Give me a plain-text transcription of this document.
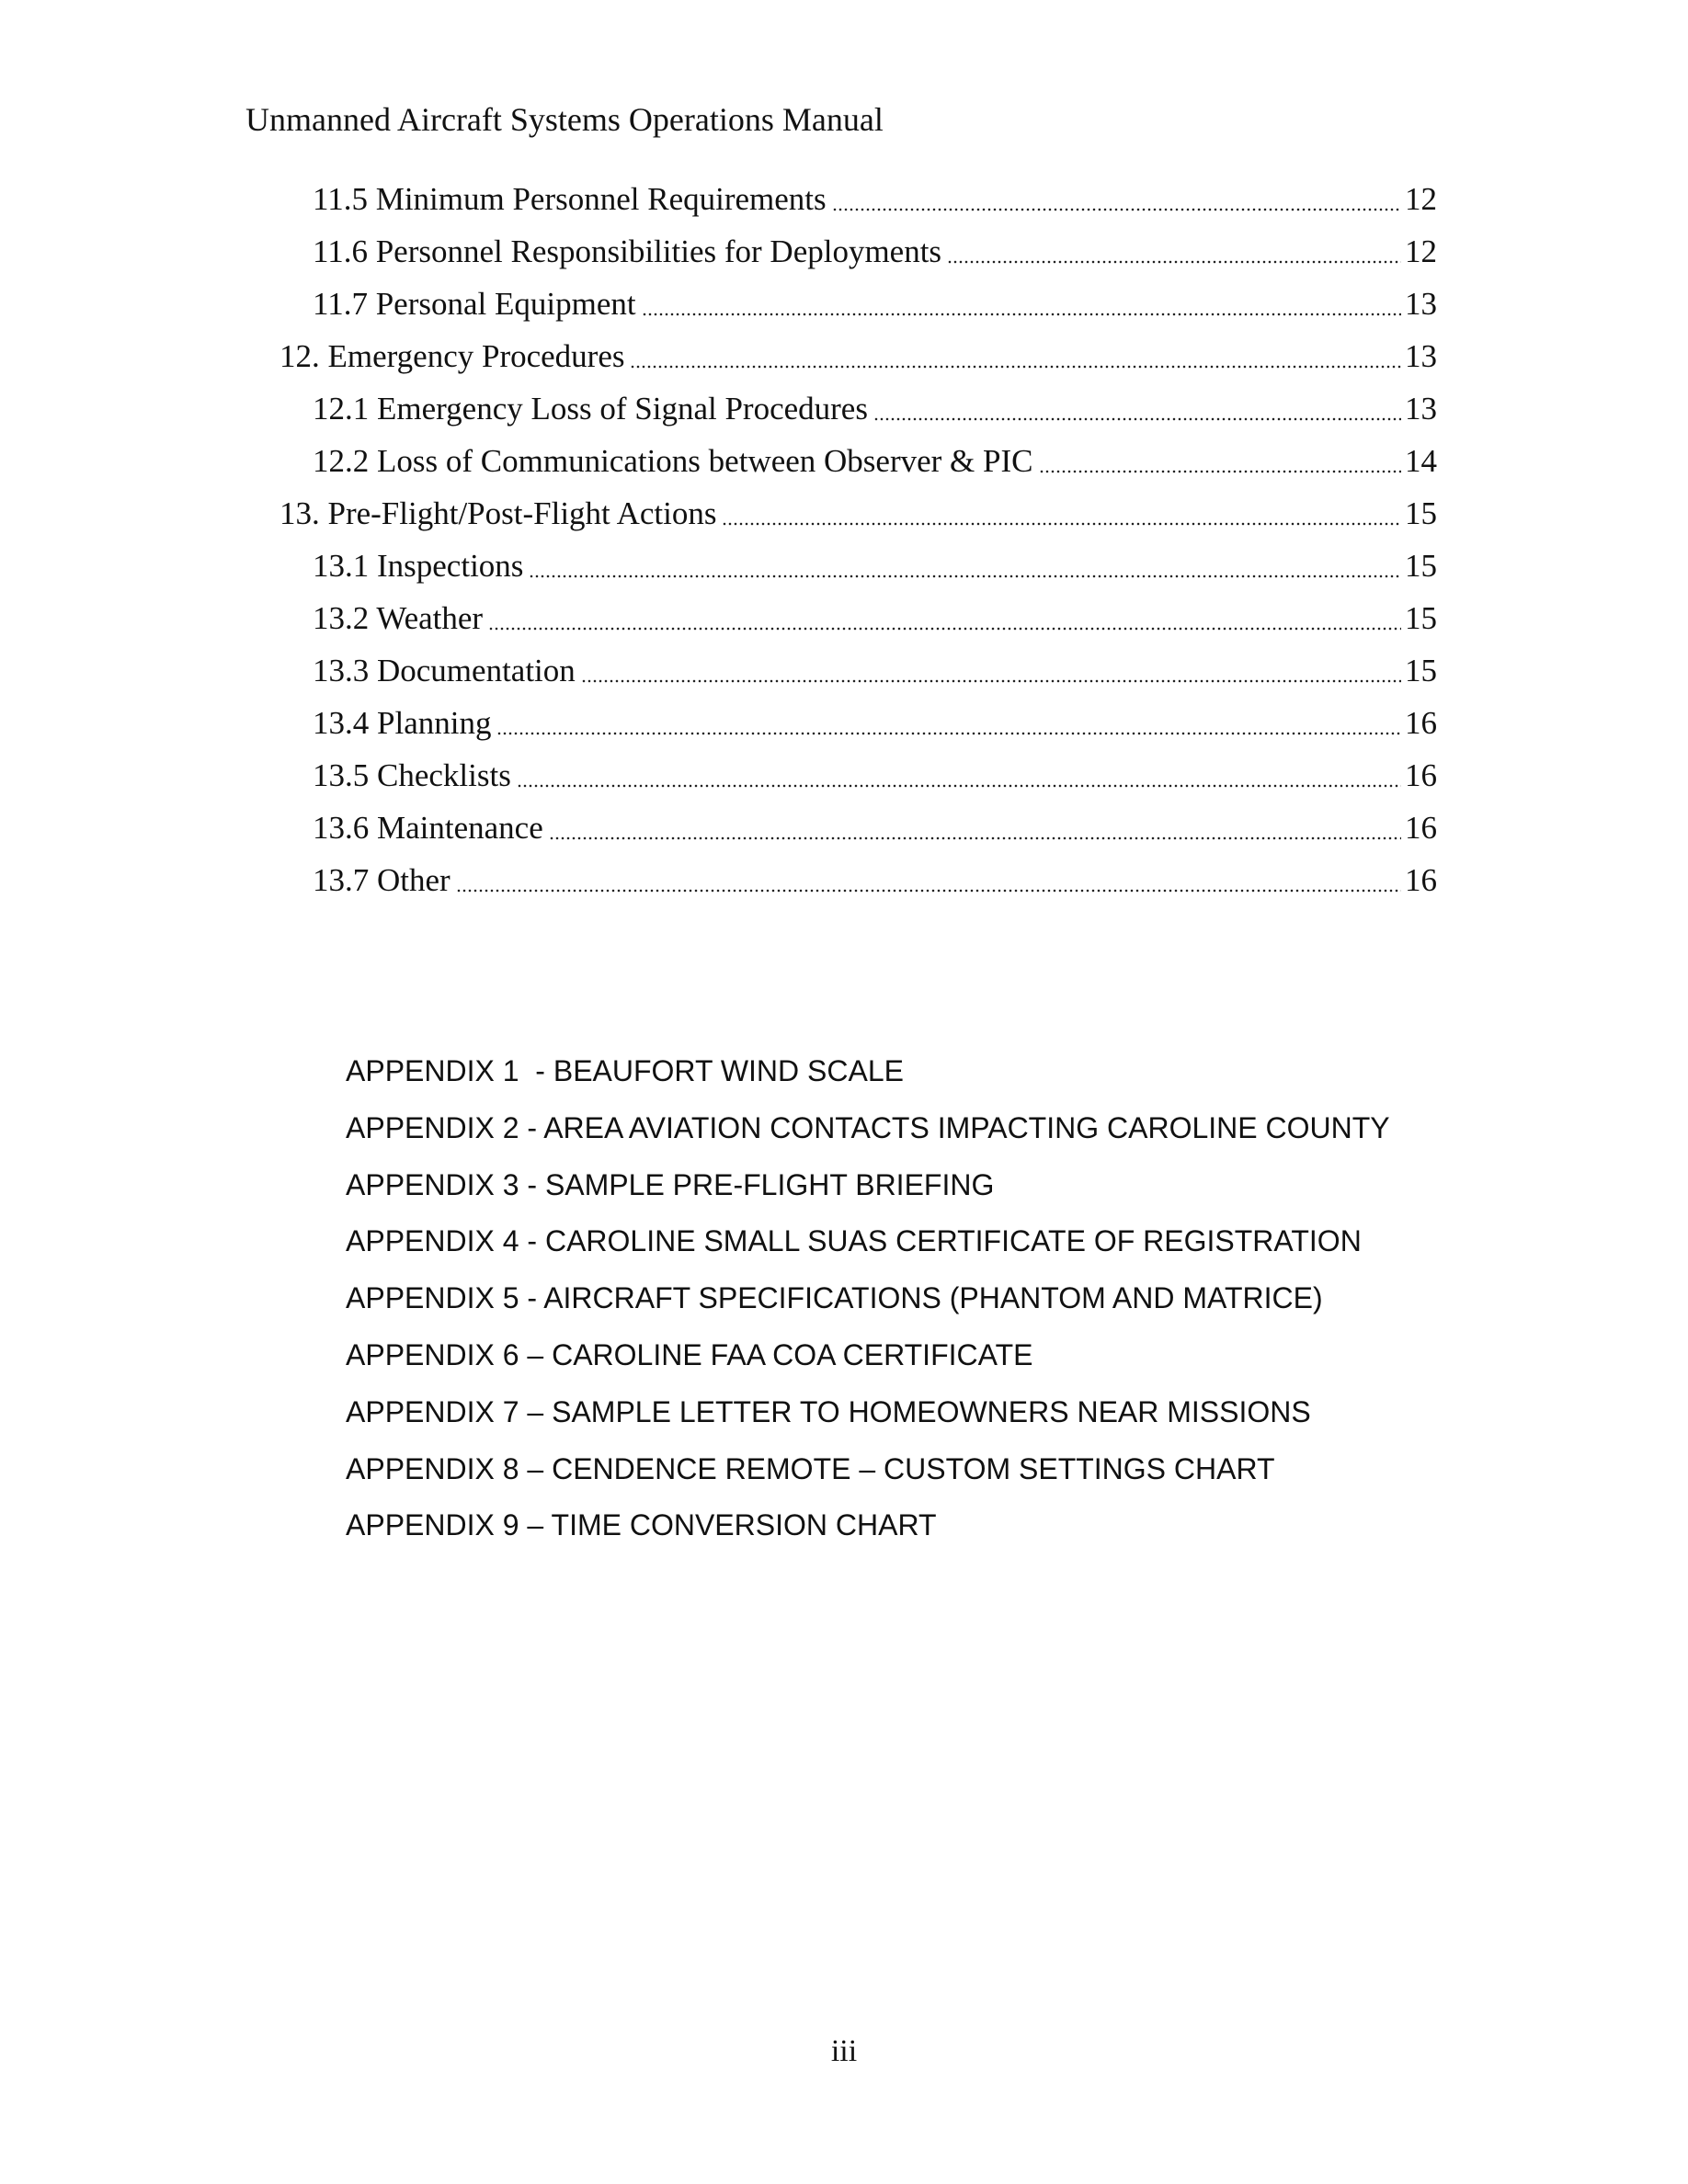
Unmanned Aircraft Systems Operations Manual
11.5 Minimum Personnel Requirements	12
11.6 Personnel Responsibilities for Deployments	12
11.7 Personal Equipment	13
12. Emergency Procedures	13
12.1 Emergency Loss of Signal Procedures	13
12.2 Loss of Communications between Observer & PIC	14
13. Pre-Flight/Post-Flight Actions	15
13.1 Inspections	15
13.2 Weather	15
13.3 Documentation	15
13.4 Planning	16
13.5 Checklists	16
13.6 Maintenance	16
13.7 Other	16
APPENDIX 1  - BEAUFORT WIND SCALE
APPENDIX 2 - AREA AVIATION CONTACTS IMPACTING CAROLINE COUNTY
APPENDIX 3 - SAMPLE PRE-FLIGHT BRIEFING
APPENDIX 4 - CAROLINE SMALL SUAS CERTIFICATE OF REGISTRATION
APPENDIX 5 - AIRCRAFT SPECIFICATIONS (PHANTOM AND MATRICE)
APPENDIX 6 – CAROLINE FAA COA CERTIFICATE
APPENDIX 7 – SAMPLE LETTER TO HOMEOWNERS NEAR MISSIONS
APPENDIX 8 – CENDENCE REMOTE – CUSTOM SETTINGS CHART
APPENDIX 9 – TIME CONVERSION CHART
iii
